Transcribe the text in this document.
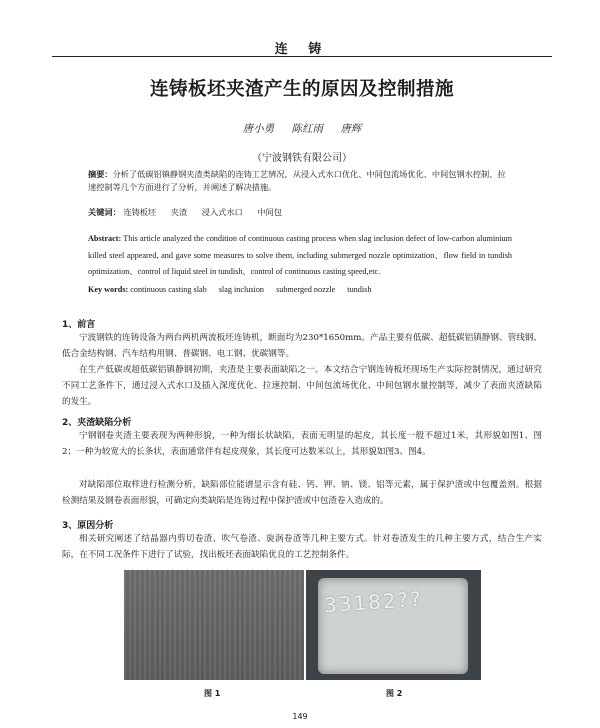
连 铸
连铸板坯夹渣产生的原因及控制措施
唐小勇 陈红雨 唐辉
（宁波钢铁有限公司）
摘要：分析了低碳铝镇静钢夹渣类缺陷的连铸工艺情况，从浸入式水口优化、中间包流场优化、中间包钢水控制、拉速控制等几个方面进行了分析，并阐述了解决措施。
关键词： 连铸板坯 夹渣 浸入式水口 中间包
Abstract: This article analyzed the condition of continuous casting process when slag inclusion defect of low-carbon aluminium killed steel appeared, and gave some measures to solve them, including submerged nozzle optimization、flow field in tundish optimization、control of liquid steel in tundish、control of continuous casting speed,etc.
Key words: continuous casting slab slag inclusion submerged nozzle tundish
1、前言
宁波钢铁的连铸设备为两台两机两流板坯连铸机，断面均为230*1650mm。产品主要有低碳、超低碳铝镇静钢、管线钢、低合金结构钢、汽车结构用钢、普碳钢、电工钢、优碳钢等。
在生产低碳或超低碳铝镇静钢初期，夹渣是主要表面缺陷之一。本文结合宁钢连铸板坯现场生产实际控制情况，通过研究不同工艺条件下，通过浸入式水口及插入深度优化、拉速控制、中间包流场优化、中间包钢水量控制等，减少了表面夹渣缺陷的发生。
2、夹渣缺陷分析
宁钢钢卷夹渣主要表现为两种形貌，一种为细长状缺陷，表面无明显的起皮，其长度一般不超过1米，其形貌如图1、图2；一种为较宽大的长条状，表面通常伴有起皮现象，其长度可达数米以上，其形貌如图3、图4。
对缺陷部位取样进行检测分析，缺陷部位能谱显示含有硅、钙、钾、钠、镁、铝等元素，属于保护渣或中包覆盖剂。根据检测结果及钢卷表面形貌，可确定向类缺陷是连铸过程中保护渣或中包渣卷入造成的。
3、原因分析
相关研究阐述了结晶器内剪切卷渣、吹气卷渣、旋涡卷渣等几种主要方式。针对卷渣发生的几种主要方式，结合生产实际，在不同工况条件下进行了试验，找出板坯表面缺陷优良的工艺控制条件。
33182??
图 1	图 2
149
